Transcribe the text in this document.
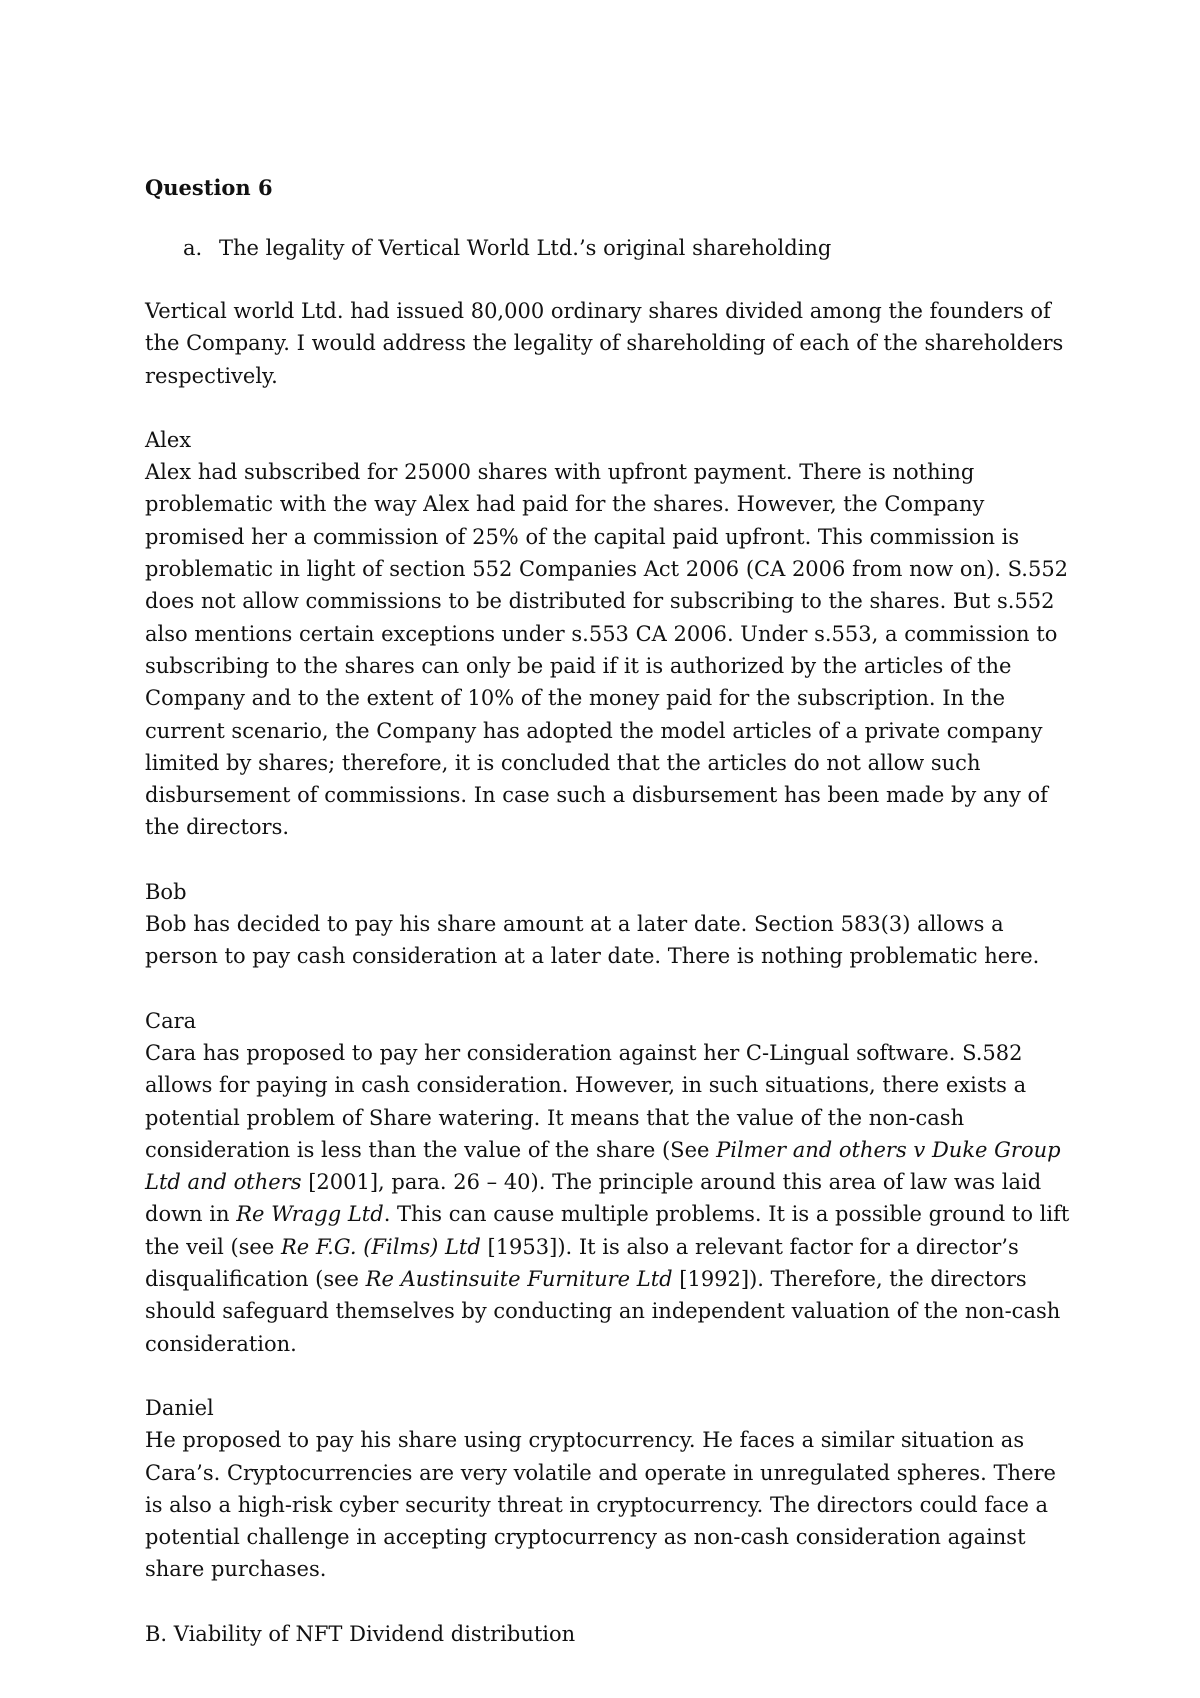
Question 6
a. The legality of Vertical World Ltd.’s original shareholding

Vertical world Ltd. had issued 80,000 ordinary shares divided among the founders of the Company. I would address the legality of shareholding of each of the shareholders respectively.

Alex

Alex had subscribed for 25000 shares with upfront payment. There is nothing problematic with the way Alex had paid for the shares. However, the Company promised her a commission of 25% of the capital paid upfront. This commission is problematic in light of section 552 Companies Act 2006 (CA 2006 from now on). S.552 does not allow commissions to be distributed for subscribing to the shares. But s.552 also mentions certain exceptions under s.553 CA 2006. Under s.553, a commission to subscribing to the shares can only be paid if it is authorized by the articles of the Company and to the extent of 10% of the money paid for the subscription. In the current scenario, the Company has adopted the model articles of a private company limited by shares; therefore, it is concluded that the articles do not allow such disbursement of commissions. In case such a disbursement has been made by any of the directors.

Bob

Bob has decided to pay his share amount at a later date. Section 583(3) allows a person to pay cash consideration at a later date. There is nothing problematic here.

Cara

Cara has proposed to pay her consideration against her C-Lingual software. S.582 allows for paying in cash consideration. However, in such situations, there exists a potential problem of Share watering. It means that the value of the non-cash consideration is less than the value of the share (See Pilmer and others v Duke Group Ltd and others [2001], para. 26 – 40). The principle around this area of law was laid down in Re Wragg Ltd. This can cause multiple problems. It is a possible ground to lift the veil (see Re F.G. (Films) Ltd [1953]). It is also a relevant factor for a director’s disqualification (see Re Austinsuite Furniture Ltd [1992]). Therefore, the directors should safeguard themselves by conducting an independent valuation of the non-cash consideration.

Daniel

He proposed to pay his share using cryptocurrency. He faces a similar situation as Cara’s. Cryptocurrencies are very volatile and operate in unregulated spheres. There is also a high-risk cyber security threat in cryptocurrency. The directors could face a potential challenge in accepting cryptocurrency as non-cash consideration against share purchases.

B. Viability of NFT Dividend distribution
